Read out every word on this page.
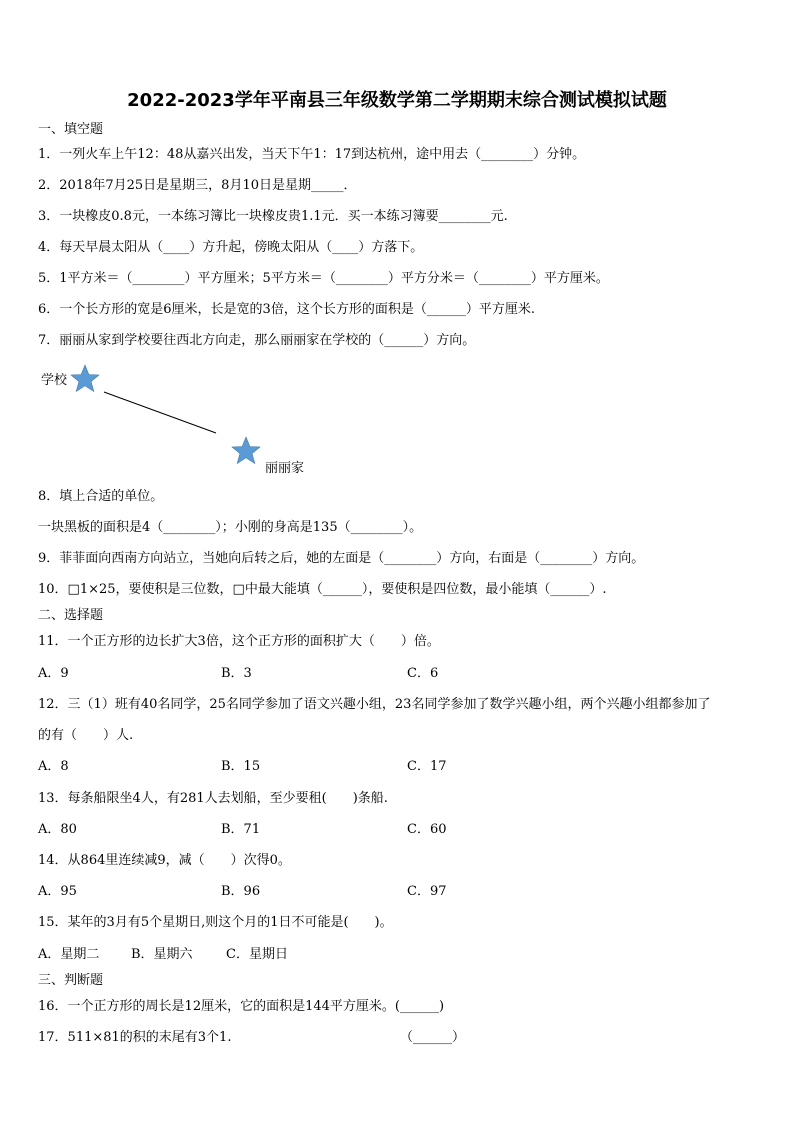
2022-2023学年平南县三年级数学第二学期期末综合测试模拟试题
一、填空题
1．一列火车上午12：48从嘉兴出发，当天下午1：17到达杭州，途中用去（________）分钟。
2．2018年7月25日是星期三，8月10日是星期_____．
3．一块橡皮0.8元，一本练习簿比一块橡皮贵1.1元．买一本练习簿要________元.
4．每天早晨太阳从（____）方升起，傍晚太阳从（____）方落下。
5．1平方米＝（________）平方厘米；5平方米＝（________）平方分米＝（________）平方厘米。
6．一个长方形的宽是6厘米，长是宽的3倍，这个长方形的面积是（______）平方厘米.
7．丽丽从家到学校要往西北方向走，那么丽丽家在学校的（______）方向。
学校
丽丽家
8．填上合适的单位。
一块黑板的面积是4（________）；小刚的身高是135（________）。
9．菲菲面向西南方向站立，当她向后转之后，她的左面是（________）方向，右面是（________）方向。
10．□1×25，要使积是三位数，□中最大能填（______），要使积是四位数，最小能填（______）.
二、选择题
11．一个正方形的边长扩大3倍，这个正方形的面积扩大（　　）倍。
A．9	B．3	C．6
12．三（1）班有40名同学，25名同学参加了语文兴趣小组，23名同学参加了数学兴趣小组，两个兴趣小组都参加了
的有（　　）人.
A．8	B．15	C．17
13．每条船限坐4人，有281人去划船，至少要租(　　)条船.
A．80	B．71	C．60
14．从864里连续减9，减（　　）次得0。
A．95	B．96	C．97
15．某年的3月有5个星期日,则这个月的1日不可能是(　　)。
A．星期二 B．星期六	C．星期日
三、判断题
16．一个正方形的周长是12厘米，它的面积是144平方厘米。(______)
17．511×81的积的末尾有3个1.	（______）
